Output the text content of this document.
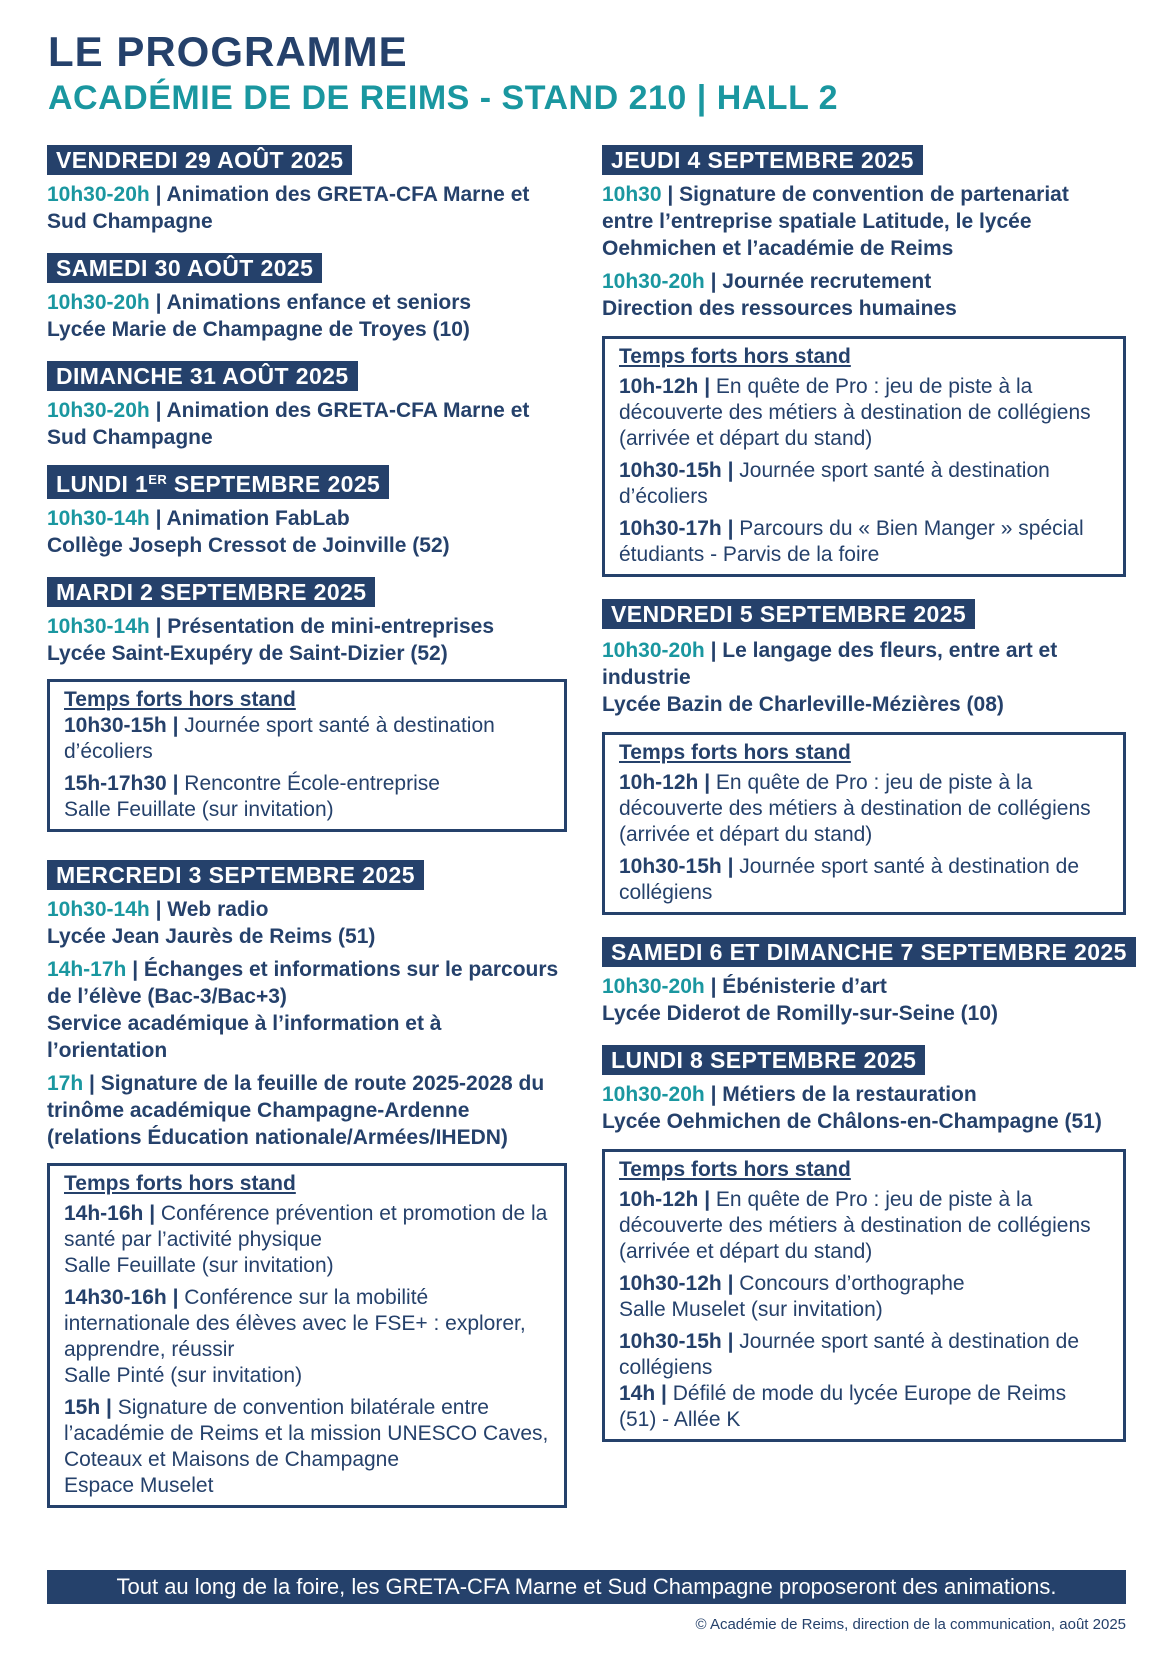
LE PROGRAMME
ACADÉMIE DE DE REIMS - STAND 210 | HALL 2
VENDREDI 29 AOÛT 2025

10h30-20h | Animation des GRETA-CFA Marne et Sud Champagne

SAMEDI 30 AOÛT 2025

10h30-20h | Animations enfance et seniors
Lycée Marie de Champagne de Troyes (10)

DIMANCHE 31 AOÛT 2025

10h30-20h | Animation des GRETA-CFA Marne et Sud Champagne

LUNDI 1ER SEPTEMBRE 2025

10h30-14h | Animation FabLab
Collège Joseph Cressot de Joinville (52)

MARDI 2 SEPTEMBRE 2025

10h30-14h | Présentation de mini-entreprises
Lycée Saint-Exupéry de Saint-Dizier (52)

Temps forts hors stand
10h30-15h | Journée sport santé à destination d’écoliers
15h-17h30 | Rencontre École-entreprise
Salle Feuillate (sur invitation)
MERCREDI 3 SEPTEMBRE 2025

10h30-14h | Web radio
Lycée Jean Jaurès de Reims (51)

14h-17h | Échanges et informations sur le parcours de l’élève (Bac-3/Bac+3)
Service académique à l’information et à l’orientation

17h | Signature de la feuille de route 2025-2028 du trinôme académique Champagne-Ardenne (relations Éducation nationale/Armées/IHEDN)

Temps forts hors stand
14h-16h | Conférence prévention et promotion de la santé par l’activité physique
Salle Feuillate (sur invitation)
14h30-16h | Conférence sur la mobilité internationale des élèves avec le FSE+ : explorer, apprendre, réussir
Salle Pinté (sur invitation)
15h | Signature de convention bilatérale entre l’académie de Reims et la mission UNESCO Caves, Coteaux et Maisons de Champagne
Espace Muselet
JEUDI 4 SEPTEMBRE 2025

10h30 | Signature de convention de partenariat entre l’entreprise spatiale Latitude, le lycée Oehmichen et l’académie de Reims

10h30-20h | Journée recrutement
Direction des ressources humaines

Temps forts hors stand
10h-12h | En quête de Pro : jeu de piste à la découverte des métiers à destination de collégiens (arrivée et départ du stand)
10h30-15h | Journée sport santé à destination d’écoliers
10h30-17h | Parcours du « Bien Manger » spécial étudiants - Parvis de la foire
VENDREDI 5 SEPTEMBRE 2025

10h30-20h | Le langage des fleurs, entre art et industrie
Lycée Bazin de Charleville-Mézières (08)

Temps forts hors stand
10h-12h | En quête de Pro : jeu de piste à la découverte des métiers à destination de collégiens (arrivée et départ du stand)
10h30-15h | Journée sport santé à destination de collégiens
SAMEDI 6 ET DIMANCHE 7 SEPTEMBRE 2025

10h30-20h | Ébénisterie d’art
Lycée Diderot de Romilly-sur-Seine (10)

LUNDI 8 SEPTEMBRE 2025

10h30-20h | Métiers de la restauration
Lycée Oehmichen de Châlons-en-Champagne (51)

Temps forts hors stand
10h-12h | En quête de Pro : jeu de piste à la découverte des métiers à destination de collégiens (arrivée et départ du stand)
10h30-12h | Concours d’orthographe
Salle Muselet (sur invitation)
10h30-15h | Journée sport santé à destination de collégiens
14h | Défilé de mode du lycée Europe de Reims (51) - Allée K
Tout au long de la foire, les GRETA-CFA Marne et Sud Champagne proposeront des animations.
© Académie de Reims, direction de la communication, août 2025
